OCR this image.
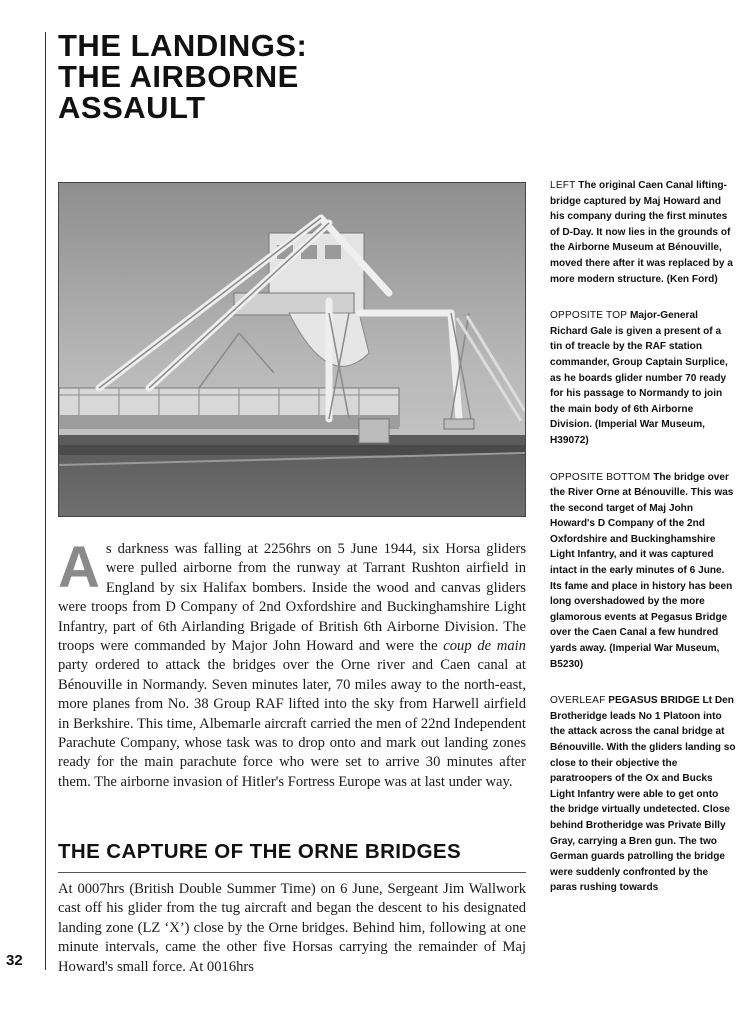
32
THE LANDINGS:
THE AIRBORNE
ASSAULT

As darkness was falling at 2256hrs on 5 June 1944, six Horsa gliders were pulled airborne from the runway at Tarrant Rushton airfield in England by six Halifax bombers. Inside the wood and canvas gliders were troops from D Company of 2nd Oxfordshire and Buckinghamshire Light Infantry, part of 6th Airlanding Brigade of British 6th Airborne Division. The troops were commanded by Major John Howard and were the coup de main party ordered to attack the bridges over the Orne river and Caen canal at Bénouville in Normandy. Seven minutes later, 70 miles away to the north-east, more planes from No. 38 Group RAF lifted into the sky from Harwell airfield in Berkshire. This time, Albemarle aircraft carried the men of 22nd Independent Parachute Company, whose task was to drop onto and mark out landing zones ready for the main parachute force who were set to arrive 30 minutes after them. The airborne invasion of Hitler's Fortress Europe was at last under way.

THE CAPTURE OF THE ORNE BRIDGES

At 0007hrs (British Double Summer Time) on 6 June, Sergeant Jim Wallwork cast off his glider from the tug aircraft and began the descent to his designated landing zone (LZ ‘X’) close by the Orne bridges. Behind him, following at one minute intervals, came the other five Horsas carrying the remainder of Maj Howard's small force. At 0016hrs

LEFT The original Caen Canal lifting-bridge captured by Maj Howard and his company during the first minutes of D-Day. It now lies in the grounds of the Airborne Museum at Bénouville, moved there after it was replaced by a more modern structure. (Ken Ford)

OPPOSITE TOP Major-General Richard Gale is given a present of a tin of treacle by the RAF station commander, Group Captain Surplice, as he boards glider number 70 ready for his passage to Normandy to join the main body of 6th Airborne Division. (Imperial War Museum, H39072)

OPPOSITE BOTTOM The bridge over the River Orne at Bénouville. This was the second target of Maj John Howard's D Company of the 2nd Oxfordshire and Buckinghamshire Light Infantry, and it was captured intact in the early minutes of 6 June. Its fame and place in history has been long overshadowed by the more glamorous events at Pegasus Bridge over the Caen Canal a few hundred yards away. (Imperial War Museum, B5230)

OVERLEAF PEGASUS BRIDGE Lt Den Brotheridge leads No 1 Platoon into the attack across the canal bridge at Bénouville. With the gliders landing so close to their objective the paratroopers of the Ox and Bucks Light Infantry were able to get onto the bridge virtually undetected. Close behind Brotheridge was Private Billy Gray, carrying a Bren gun. The two German guards patrolling the bridge were suddenly confronted by the paras rushing towards
